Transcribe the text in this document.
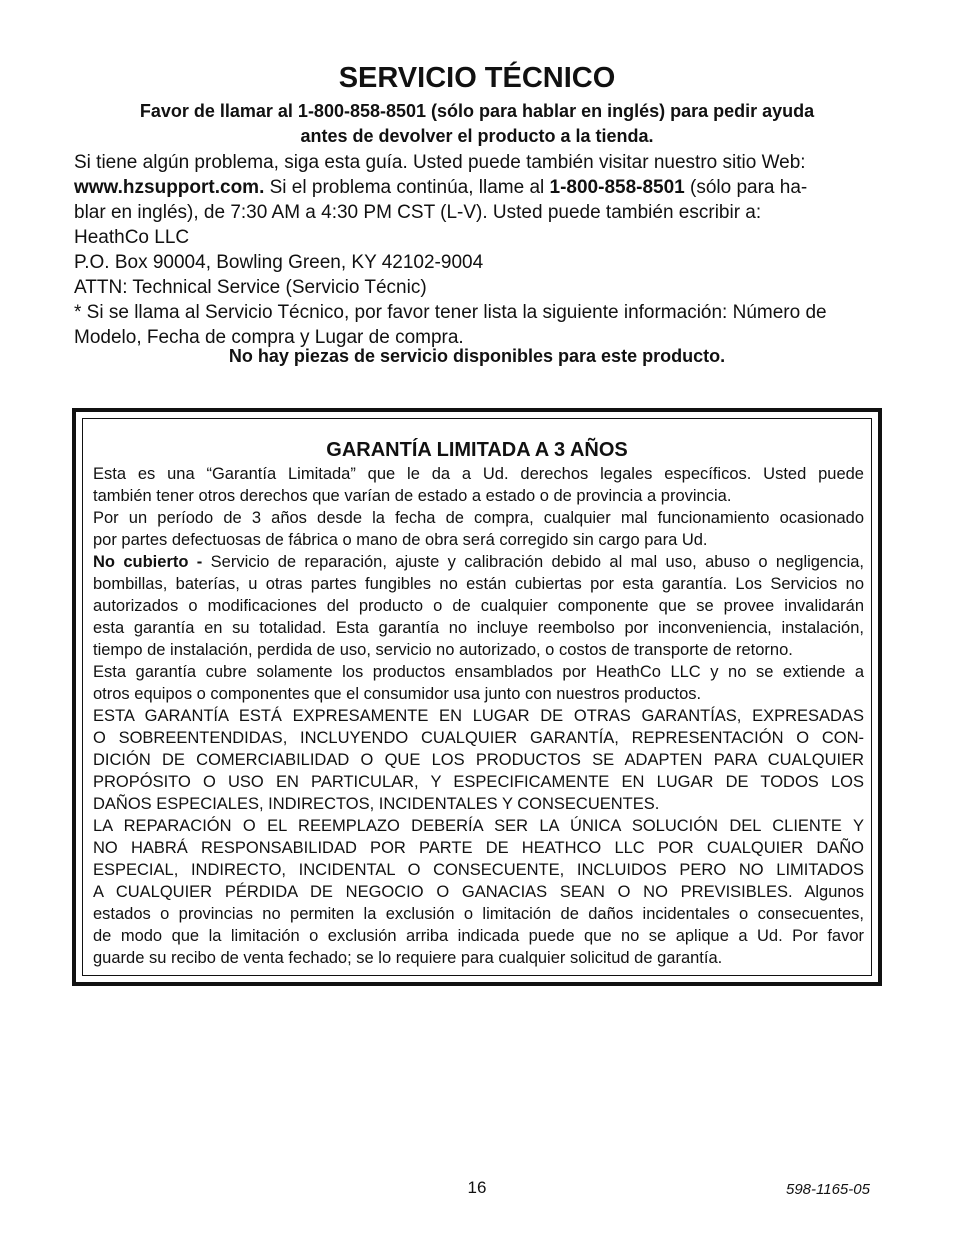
SERVICIO TÉCNICO
Favor de llamar al 1-800-858-8501 (sólo para hablar en inglés) para pedir ayuda
antes de devolver el producto a la tienda.
Si tiene algún problema, siga esta guía. Usted puede también visitar nuestro sitio Web:
www.hzsupport.com. Si el problema continúa, llame al 1-800-858-8501 (sólo para ha-
blar en inglés), de 7:30 AM a 4:30 PM CST (L-V). Usted puede también escribir a:
HeathCo LLC
P.O. Box 90004, Bowling Green, KY 42102-9004
ATTN: Technical Service (Servicio Técnic)
* Si se llama al Servicio Técnico, por favor tener lista la siguiente información: Número de
Modelo, Fecha de compra y Lugar de compra.
No hay piezas de servicio disponibles para este producto.
GARANTÍA LIMITADA A 3 AÑOS
Esta es una “Garantía Limitada” que le da a Ud. derechos legales específicos. Usted puede
también tener otros derechos que varían de estado a estado o de provincia a provincia.
Por un período de 3 años desde la fecha de compra, cualquier mal funcionamiento ocasionado
por partes defectuosas de fábrica o mano de obra será corregido sin cargo para Ud.
No cubierto - Servicio de reparación, ajuste y calibración debido al mal uso, abuso o negligencia,
bombillas, baterías, u otras partes fungibles no están cubiertas por esta garantía. Los Servicios no
autorizados o modificaciones del producto o de cualquier componente que se provee invalidarán
esta garantía en su totalidad. Esta garantía no incluye reembolso por inconveniencia, instalación,
tiempo de instalación, perdida de uso, servicio no autorizado, o costos de transporte de retorno.
Esta garantía cubre solamente los productos ensamblados por HeathCo LLC y no se extiende a
otros equipos o componentes que el consumidor usa junto con nuestros productos.
ESTA GARANTÍA ESTÁ EXPRESAMENTE EN LUGAR DE OTRAS GARANTÍAS, EXPRESADAS
O SOBREENTENDIDAS, INCLUYENDO CUALQUIER GARANTÍA, REPRESENTACIÓN O CON-
DICIÓN DE COMERCIABILIDAD O QUE LOS PRODUCTOS SE ADAPTEN PARA CUALQUIER
PROPÓSITO O USO EN PARTICULAR, Y ESPECIFICAMENTE EN LUGAR DE TODOS LOS
DAÑOS ESPECIALES, INDIRECTOS, INCIDENTALES Y CONSECUENTES.
LA REPARACIÓN O EL REEMPLAZO DEBERÍA SER LA ÚNICA SOLUCIÓN DEL CLIENTE Y
NO HABRÁ RESPONSABILIDAD POR PARTE DE HEATHCO LLC POR CUALQUIER DAÑO
ESPECIAL, INDIRECTO, INCIDENTAL O CONSECUENTE, INCLUIDOS PERO NO LIMITADOS
A CUALQUIER PÉRDIDA DE NEGOCIO O GANACIAS SEAN O NO PREVISIBLES. Algunos
estados o provincias no permiten la exclusión o limitación de daños incidentales o consecuentes,
de modo que la limitación o exclusión arriba indicada puede que no se aplique a Ud. Por favor
guarde su recibo de venta fechado; se lo requiere para cualquier solicitud de garantía.
16	598-1165-05
